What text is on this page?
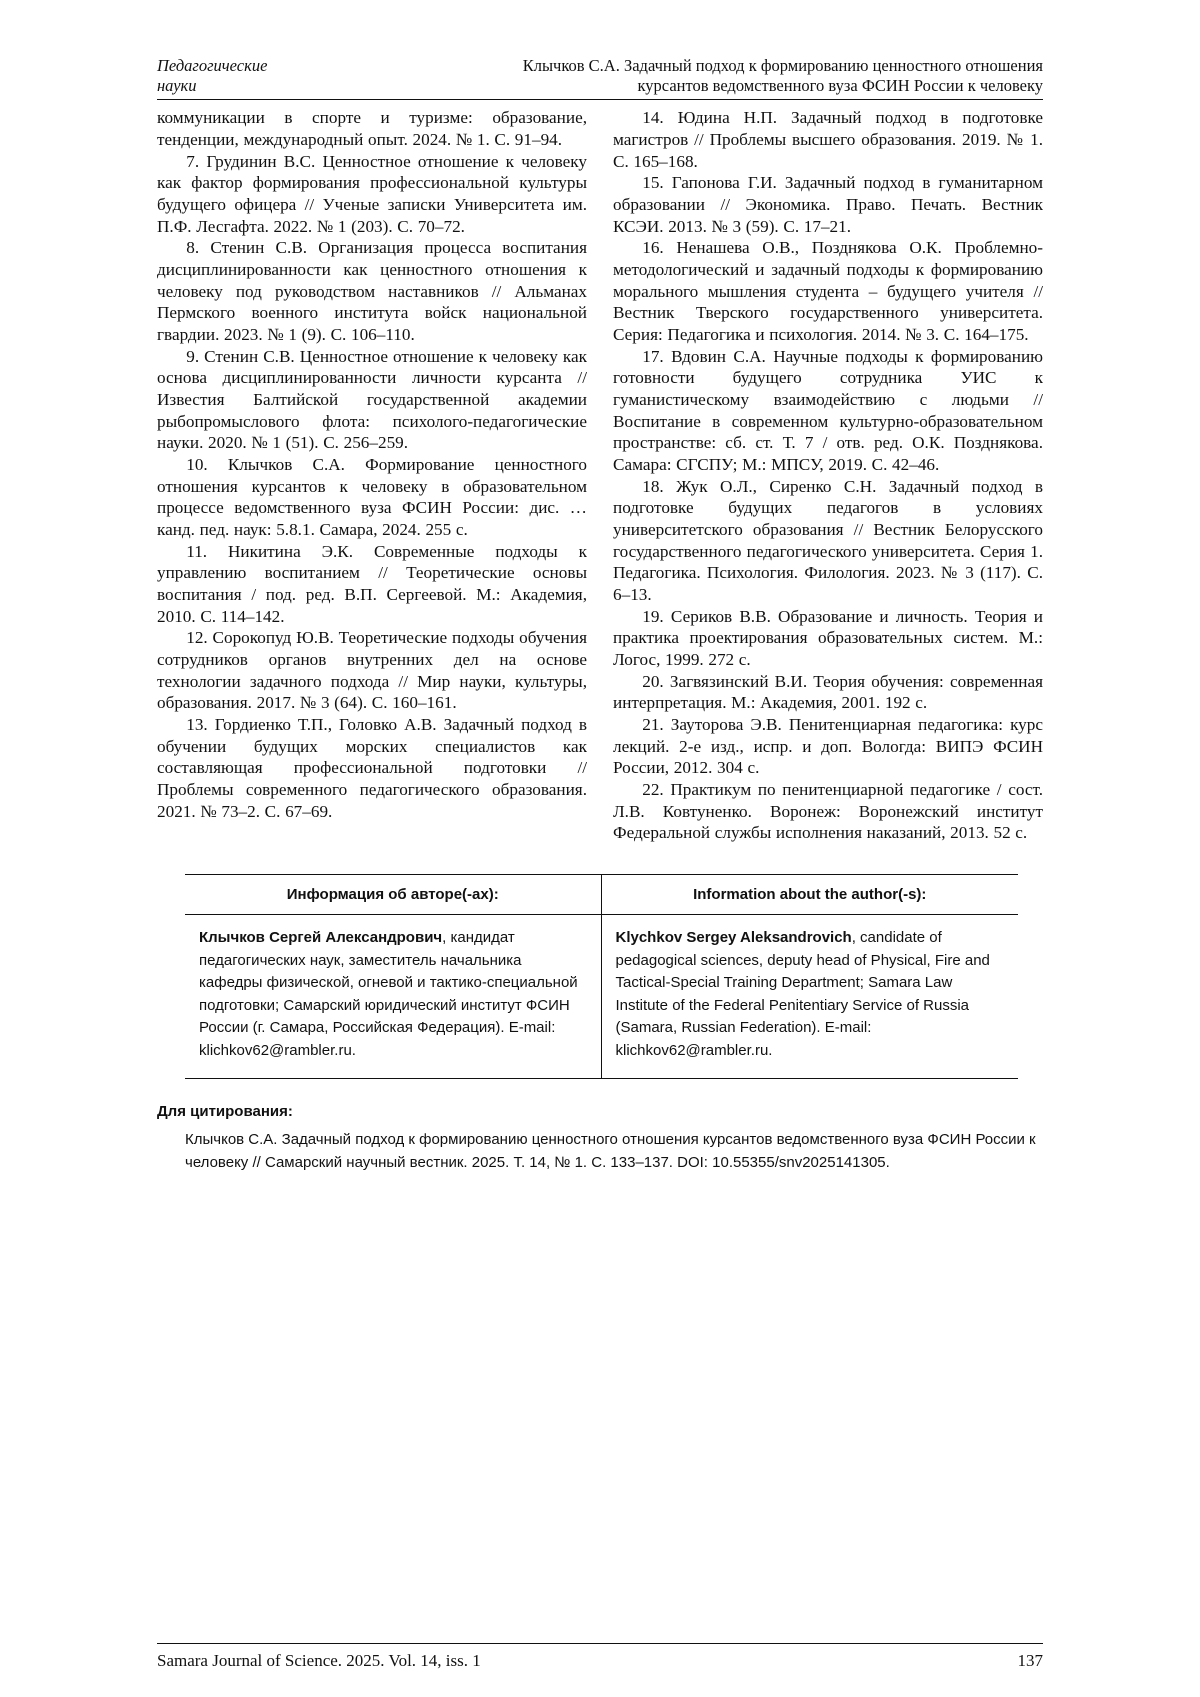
Педагогические
науки
Клычков С.А. Задачный подход к формированию ценностного отношения
курсантов ведомственного вуза ФСИН России к человеку

коммуникации в спорте и туризме: образование, тенденции, международный опыт. 2024. № 1. С. 91–94.

7. Грудинин В.С. Ценностное отношение к человеку как фактор формирования профессиональной культуры будущего офицера // Ученые записки Университета им. П.Ф. Лесгафта. 2022. № 1 (203). С. 70–72.

8. Стенин С.В. Организация процесса воспитания дисциплинированности как ценностного отношения к человеку под руководством наставников // Альманах Пермского военного института войск национальной гвардии. 2023. № 1 (9). С. 106–110.

9. Стенин С.В. Ценностное отношение к человеку как основа дисциплинированности личности курсанта // Известия Балтийской государственной академии рыбопромыслового флота: психолого-педагогические науки. 2020. № 1 (51). С. 256–259.

10. Клычков С.А. Формирование ценностного отношения курсантов к человеку в образовательном процессе ведомственного вуза ФСИН России: дис. … канд. пед. наук: 5.8.1. Самара, 2024. 255 с.

11. Никитина Э.К. Современные подходы к управлению воспитанием // Теоретические основы воспитания / под. ред. В.П. Сергеевой. М.: Академия, 2010. С. 114–142.

12. Сорокопуд Ю.В. Теоретические подходы обучения сотрудников органов внутренних дел на основе технологии задачного подхода // Мир науки, культуры, образования. 2017. № 3 (64). С. 160–161.

13. Гордиенко Т.П., Головко А.В. Задачный подход в обучении будущих морских специалистов как составляющая профессиональной подготовки // Проблемы современного педагогического образования. 2021. № 73–2. С. 67–69.

14. Юдина Н.П. Задачный подход в подготовке магистров // Проблемы высшего образования. 2019. № 1. С. 165–168.

15. Гапонова Г.И. Задачный подход в гуманитарном образовании // Экономика. Право. Печать. Вестник КСЭИ. 2013. № 3 (59). С. 17–21.

16. Ненашева О.В., Позднякова О.К. Проблемно-методологический и задачный подходы к формированию морального мышления студента – будущего учителя // Вестник Тверского государственного университета. Серия: Педагогика и психология. 2014. № 3. С. 164–175.

17. Вдовин С.А. Научные подходы к формированию готовности будущего сотрудника УИС к гуманистическому взаимодействию с людьми // Воспитание в современном культурно-образовательном пространстве: сб. ст. Т. 7 / отв. ред. О.К. Позднякова. Самара: СГСПУ; М.: МПСУ, 2019. С. 42–46.

18. Жук О.Л., Сиренко С.Н. Задачный подход в подготовке будущих педагогов в условиях университетского образования // Вестник Белорусского государственного педагогического университета. Серия 1. Педагогика. Психология. Филология. 2023. № 3 (117). С. 6–13.

19. Сериков В.В. Образование и личность. Теория и практика проектирования образовательных систем. М.: Логос, 1999. 272 с.

20. Загвязинский В.И. Теория обучения: современная интерпретация. М.: Академия, 2001. 192 с.

21. Зауторова Э.В. Пенитенциарная педагогика: курс лекций. 2-е изд., испр. и доп. Вологда: ВИПЭ ФСИН России, 2012. 304 с.

22. Практикум по пенитенциарной педагогике / сост. Л.В. Ковтуненко. Воронеж: Воронежский институт Федеральной службы исполнения наказаний, 2013. 52 с.

Информация об авторе(-ах):	Information about the author(-s):
Клычков Сергей Александрович, кандидат педагогических наук, заместитель начальника кафедры физической, огневой и тактико-специальной подготовки; Самарский юридический институт ФСИН России (г. Самара, Российская Федерация). E-mail: klichkov62@rambler.ru.
Klychkov Sergey Aleksandrovich, candidate of pedagogical sciences, deputy head of Physical, Fire and Tactical-Special Training Department; Samara Law Institute of the Federal Penitentiary Service of Russia (Samara, Russian Federation). E-mail: klichkov62@rambler.ru.
Для цитирования:

Клычков С.А. Задачный подход к формированию ценностного отношения курсантов ведомственного вуза ФСИН России к человеку // Самарский научный вестник. 2025. Т. 14, № 1. С. 133–137. DOI: 10.55355/snv2025141305.

Samara Journal of Science. 2025. Vol. 14, iss. 1	137
